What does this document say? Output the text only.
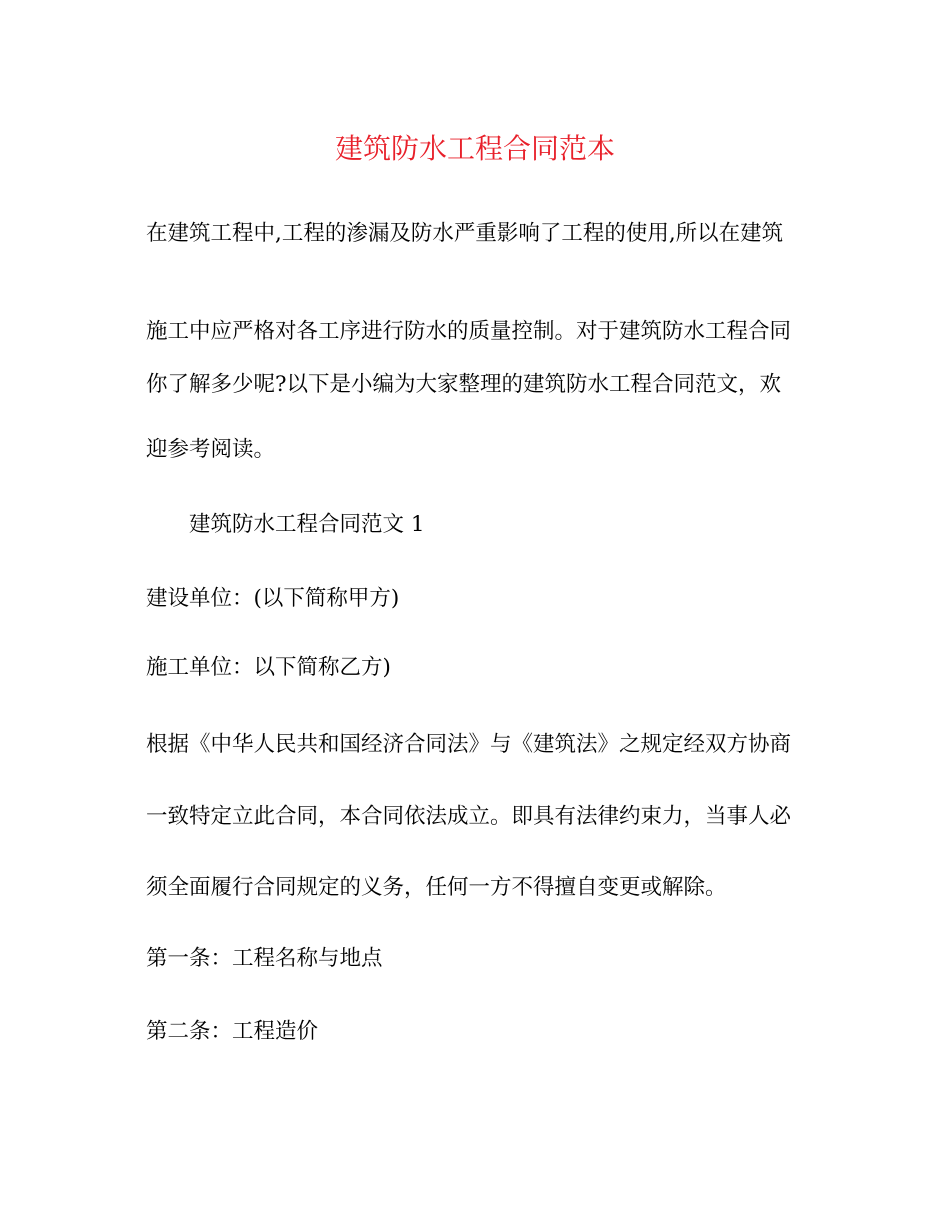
建筑防水工程合同范本
在建筑工程中,工程的渗漏及防水严重影响了工程的使用,所以在建筑
施工中应严格对各工序进行防水的质量控制。对于建筑防水工程合同
你了解多少呢?以下是小编为大家整理的建筑防水工程合同范文，欢
迎参考阅读。
建筑防水工程合同范文 1
建设单位：(以下简称甲方)
施工单位：以下简称乙方)
根据《中华人民共和国经济合同法》与《建筑法》之规定经双方协商
一致特定立此合同，本合同依法成立。即具有法律约束力，当事人必
须全面履行合同规定的义务，任何一方不得擅自变更或解除。
第一条：工程名称与地点
第二条：工程造价
